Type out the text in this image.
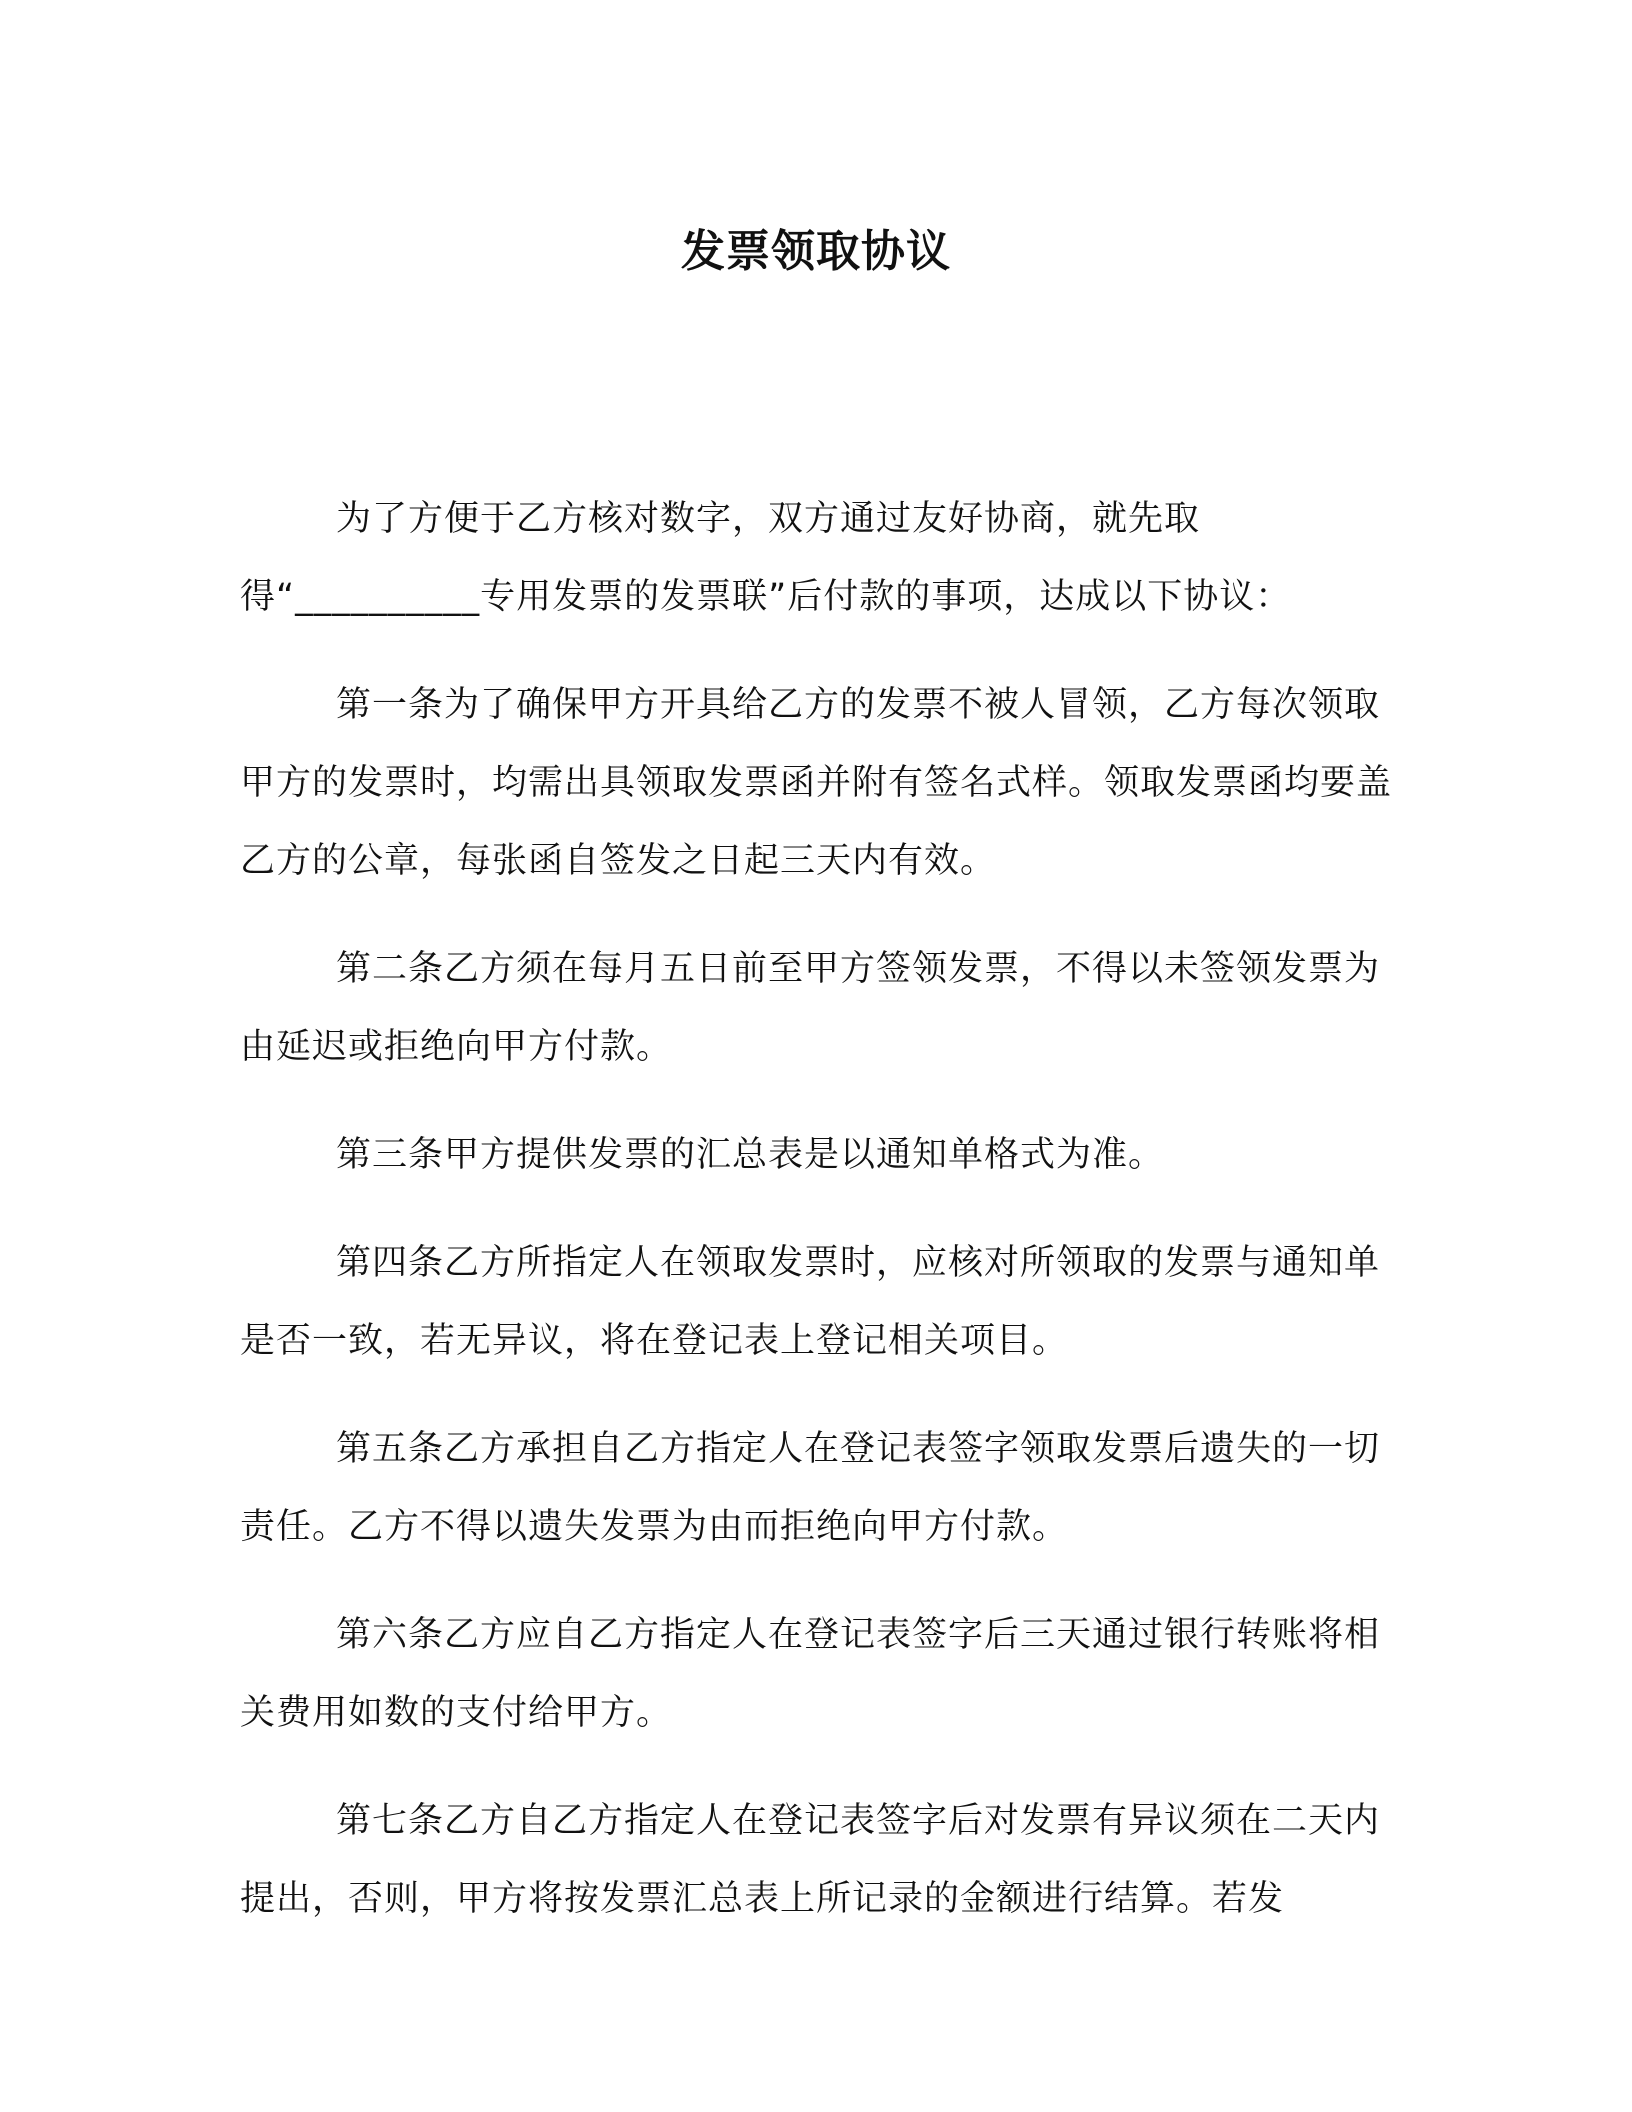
发票领取协议

为了方便于乙方核对数字，双方通过友好协商，就先取得“__________专用发票的发票联”后付款的事项，达成以下协议：

第一条为了确保甲方开具给乙方的发票不被人冒领，乙方每次领取甲方的发票时，均需出具领取发票函并附有签名式样。领取发票函均要盖乙方的公章，每张函自签发之日起三天内有效。

第二条乙方须在每月五日前至甲方签领发票，不得以未签领发票为由延迟或拒绝向甲方付款。

第三条甲方提供发票的汇总表是以通知单格式为准。

第四条乙方所指定人在领取发票时，应核对所领取的发票与通知单是否一致，若无异议，将在登记表上登记相关项目。

第五条乙方承担自乙方指定人在登记表签字领取发票后遗失的一切责任。乙方不得以遗失发票为由而拒绝向甲方付款。

第六条乙方应自乙方指定人在登记表签字后三天通过银行转账将相关费用如数的支付给甲方。

第七条乙方自乙方指定人在登记表签字后对发票有异议须在二天内提出，否则，甲方将按发票汇总表上所记录的金额进行结算。若发
